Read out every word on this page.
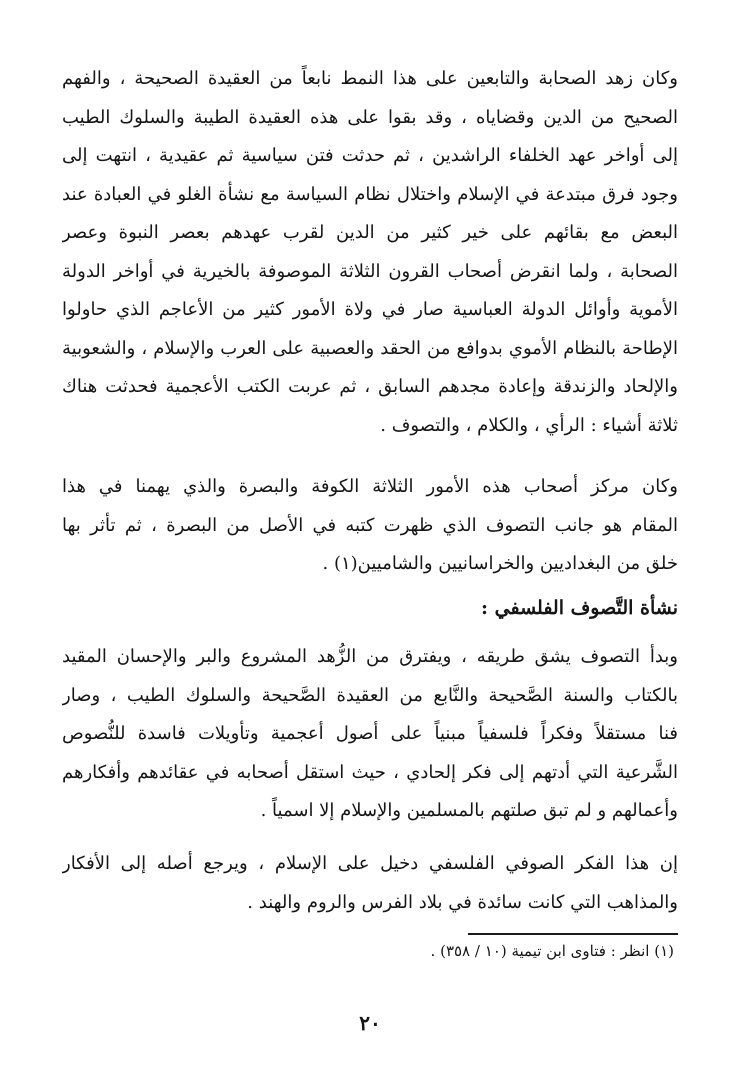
وكان زهد الصحابة والتابعين على هذا النمط نابعاً من العقيدة الصحيحة ، والفهم
الصحيح من الدين وقضاياه ، وقد بقوا على هذه العقيدة الطيبة والسلوك الطيب
إلى أواخر عهد الخلفاء الراشدين ، ثم حدثت فتن سياسية ثم عقيدية ، انتهت إلى
وجود فرق مبتدعة في الإسلام واختلال نظام السياسة مع نشأة الغلو في العبادة عند
البعض مع بقائهم على خير كثير من الدين لقرب عهدهم بعصر النبوة وعصر
الصحابة ، ولما انقرض أصحاب القرون الثلاثة الموصوفة بالخيرية في أواخر الدولة
الأموية وأوائل الدولة العباسية صار في ولاة الأمور كثير من الأعاجم الذي حاولوا
الإطاحة بالنظام الأموي بدوافع من الحقد والعصبية على العرب والإسلام ، والشعوبية
والإلحاد والزندقة وإعادة مجدهم السابق ، ثم عربت الكتب الأعجمية فحدثت هناك
ثلاثة أشياء : الرأي ، والكلام ، والتصوف .
وكان مركز أصحاب هذه الأمور الثلاثة الكوفة والبصرة والذي يهمنا في هذا
المقام هو جانب التصوف الذي ظهرت كتبه في الأصل من البصرة ، ثم تأثر بها
خلق من البغداديين والخراسانيين والشاميين(١) .
نشأة التَّصوف الفلسفي :
وبدأ التصوف يشق طريقه ، ويفترق من الزُّهد المشروع والبر والإحسان المقيد
بالكتاب والسنة الصَّحيحة والنَّابع من العقيدة الصَّحيحة والسلوك الطيب ، وصار
فنا مستقلاً وفكراً فلسفياً مبنياً على أصول أعجمية وتأويلات فاسدة للنُّصوص
الشَّرعية التي أدتهم إلى فكر إلحادي ، حيث استقل أصحابه في عقائدهم وأفكارهم
وأعمالهم و لم تبق صلتهم بالمسلمين والإسلام إلا اسمياً .
إن هذا الفكر الصوفي الفلسفي دخيل على الإسلام ، ويرجع أصله إلى الأفكار
والمذاهب التي كانت سائدة في بلاد الفرس والروم والهند .
(١) انظر : فتاوى ابن تيمية (١٠ / ٣٥٨) .
٢٠
